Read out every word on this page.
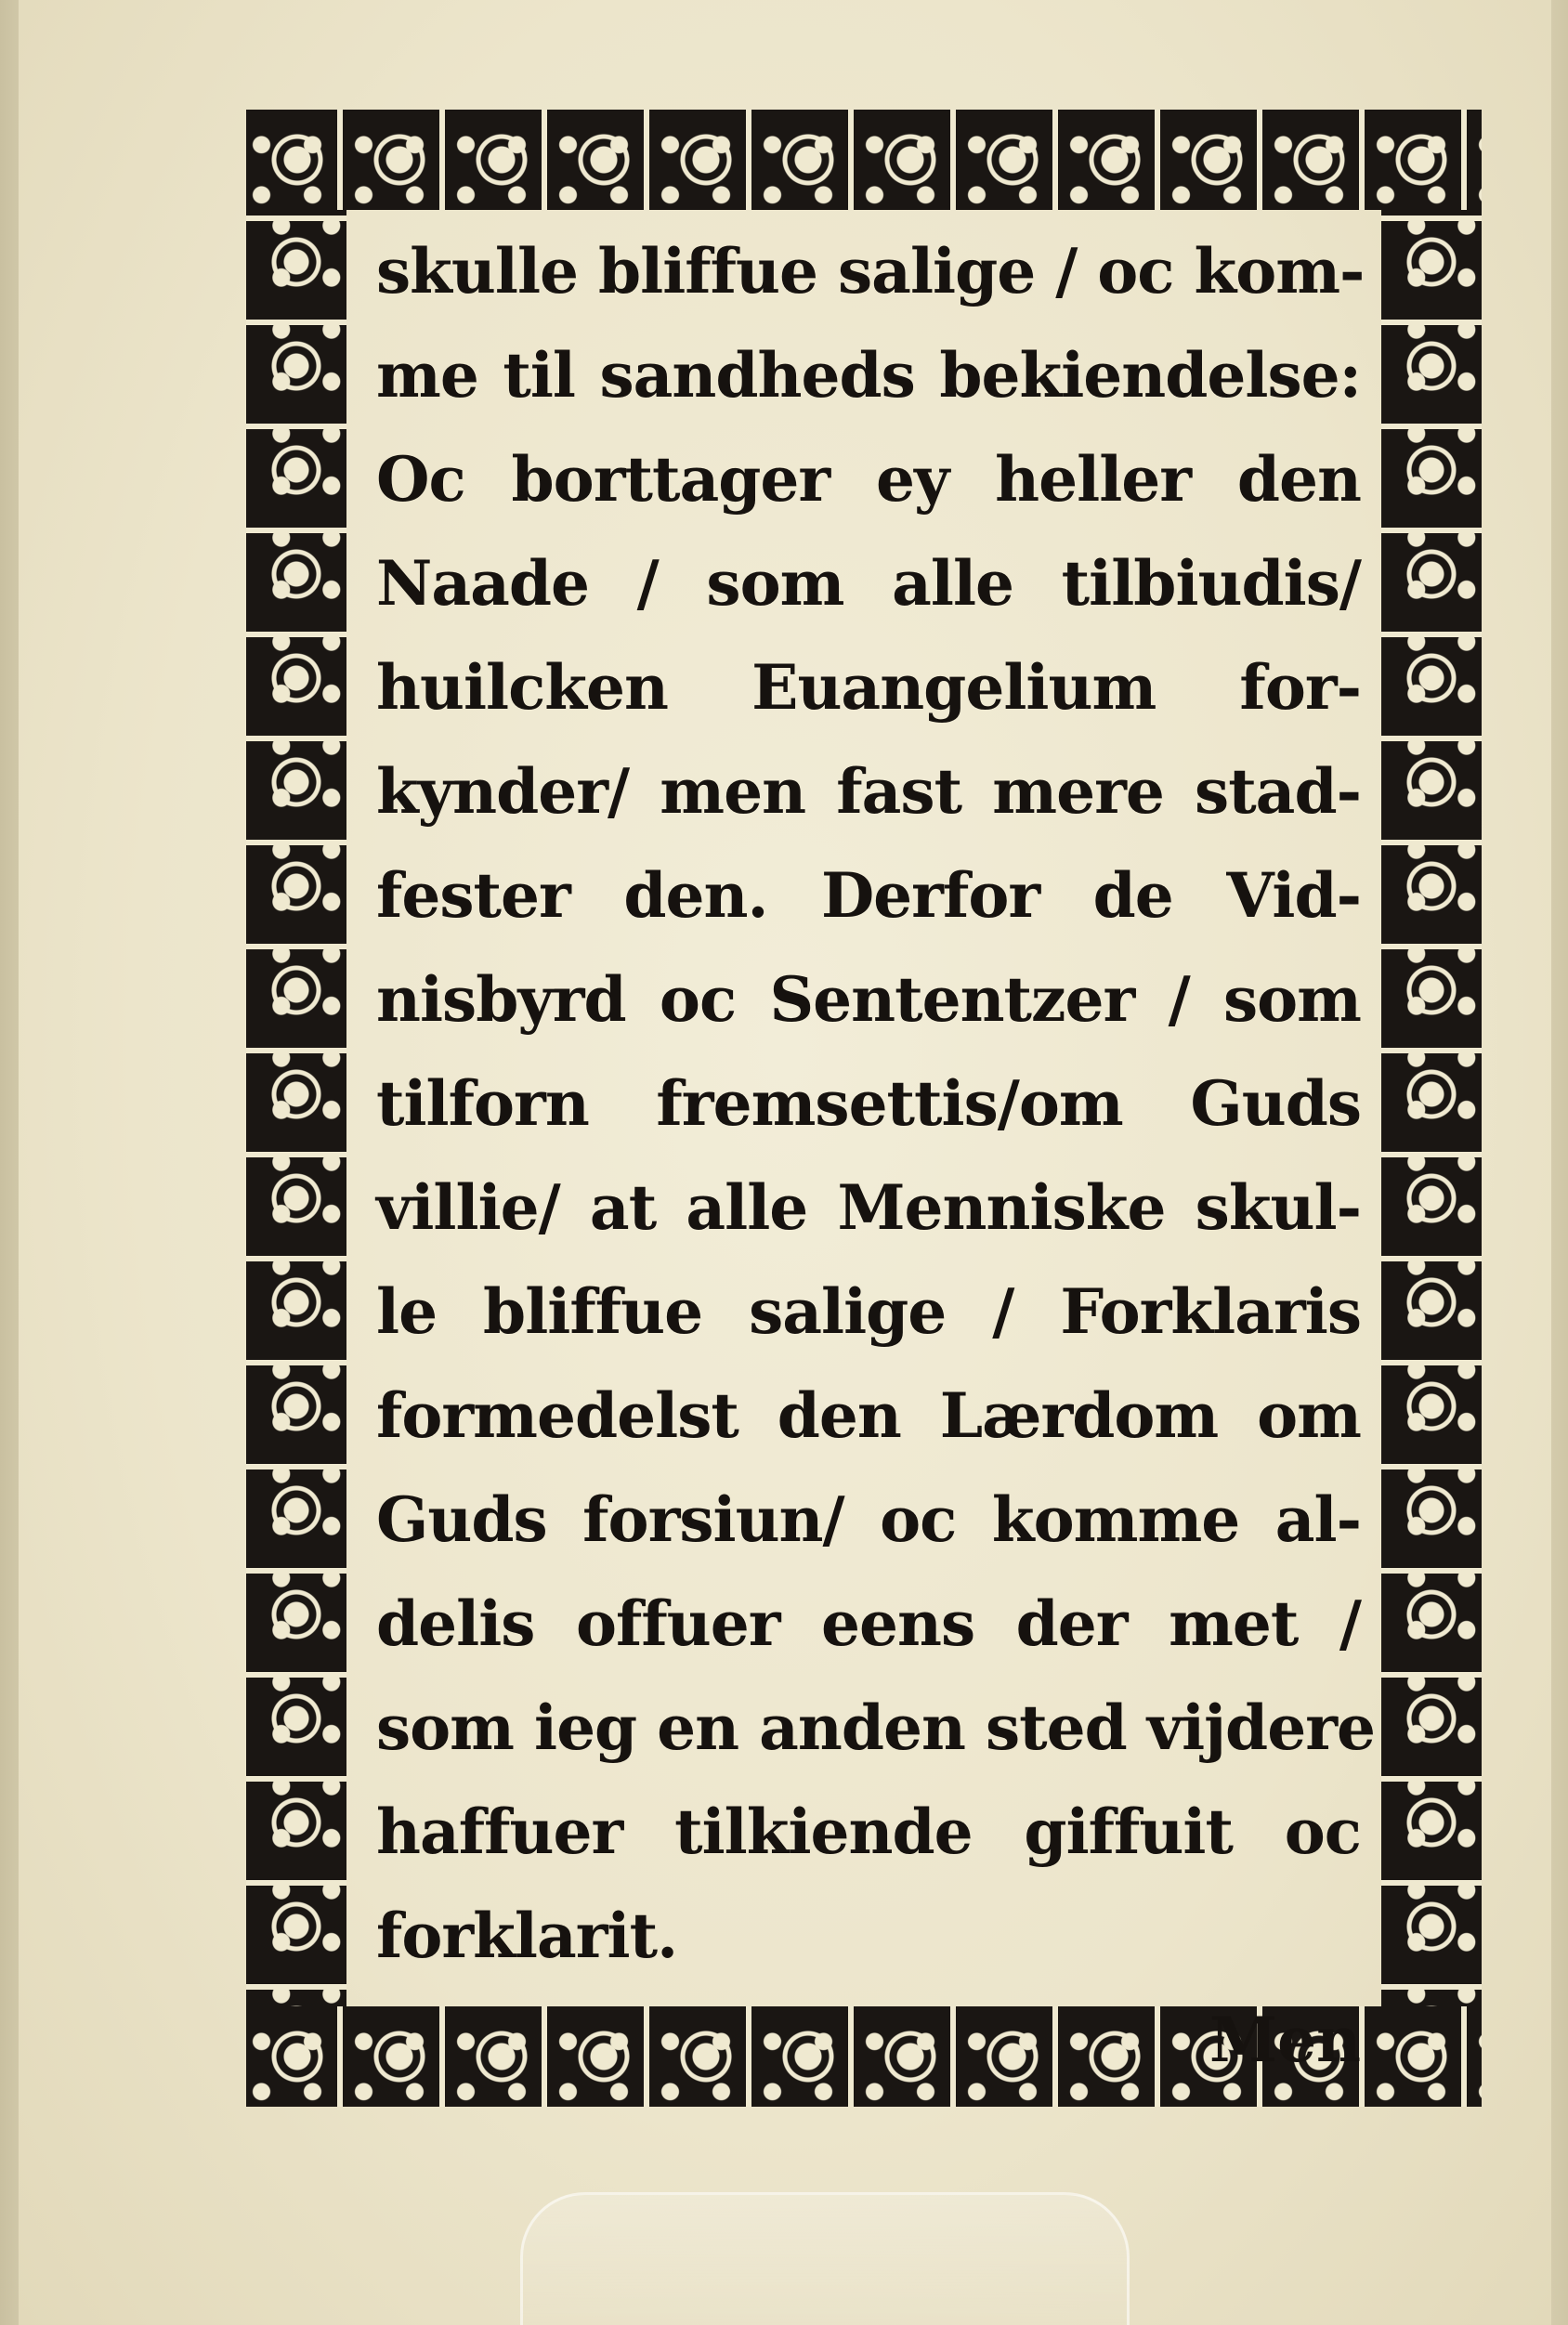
skulle bliffue salige / oc kom-
me til sandheds bekiendelse:
Oc borttager ey heller den
Naade / som alle tilbiudis/
huilcken Euangelium for-
kynder/ men fast mere stad-
fester den. Derfor de Vid-
nisbyrd oc Sententzer / som
tilforn fremsettis/om Guds
villie/ at alle Menniske skul-
le bliffue salige / Forklaris
formedelst den Lærdom om
Guds forsiun/ oc komme al-
delis offuer eens der met /
som ieg en anden sted vijdere
haffuer tilkiende giffuit oc
forklarit.
Men
